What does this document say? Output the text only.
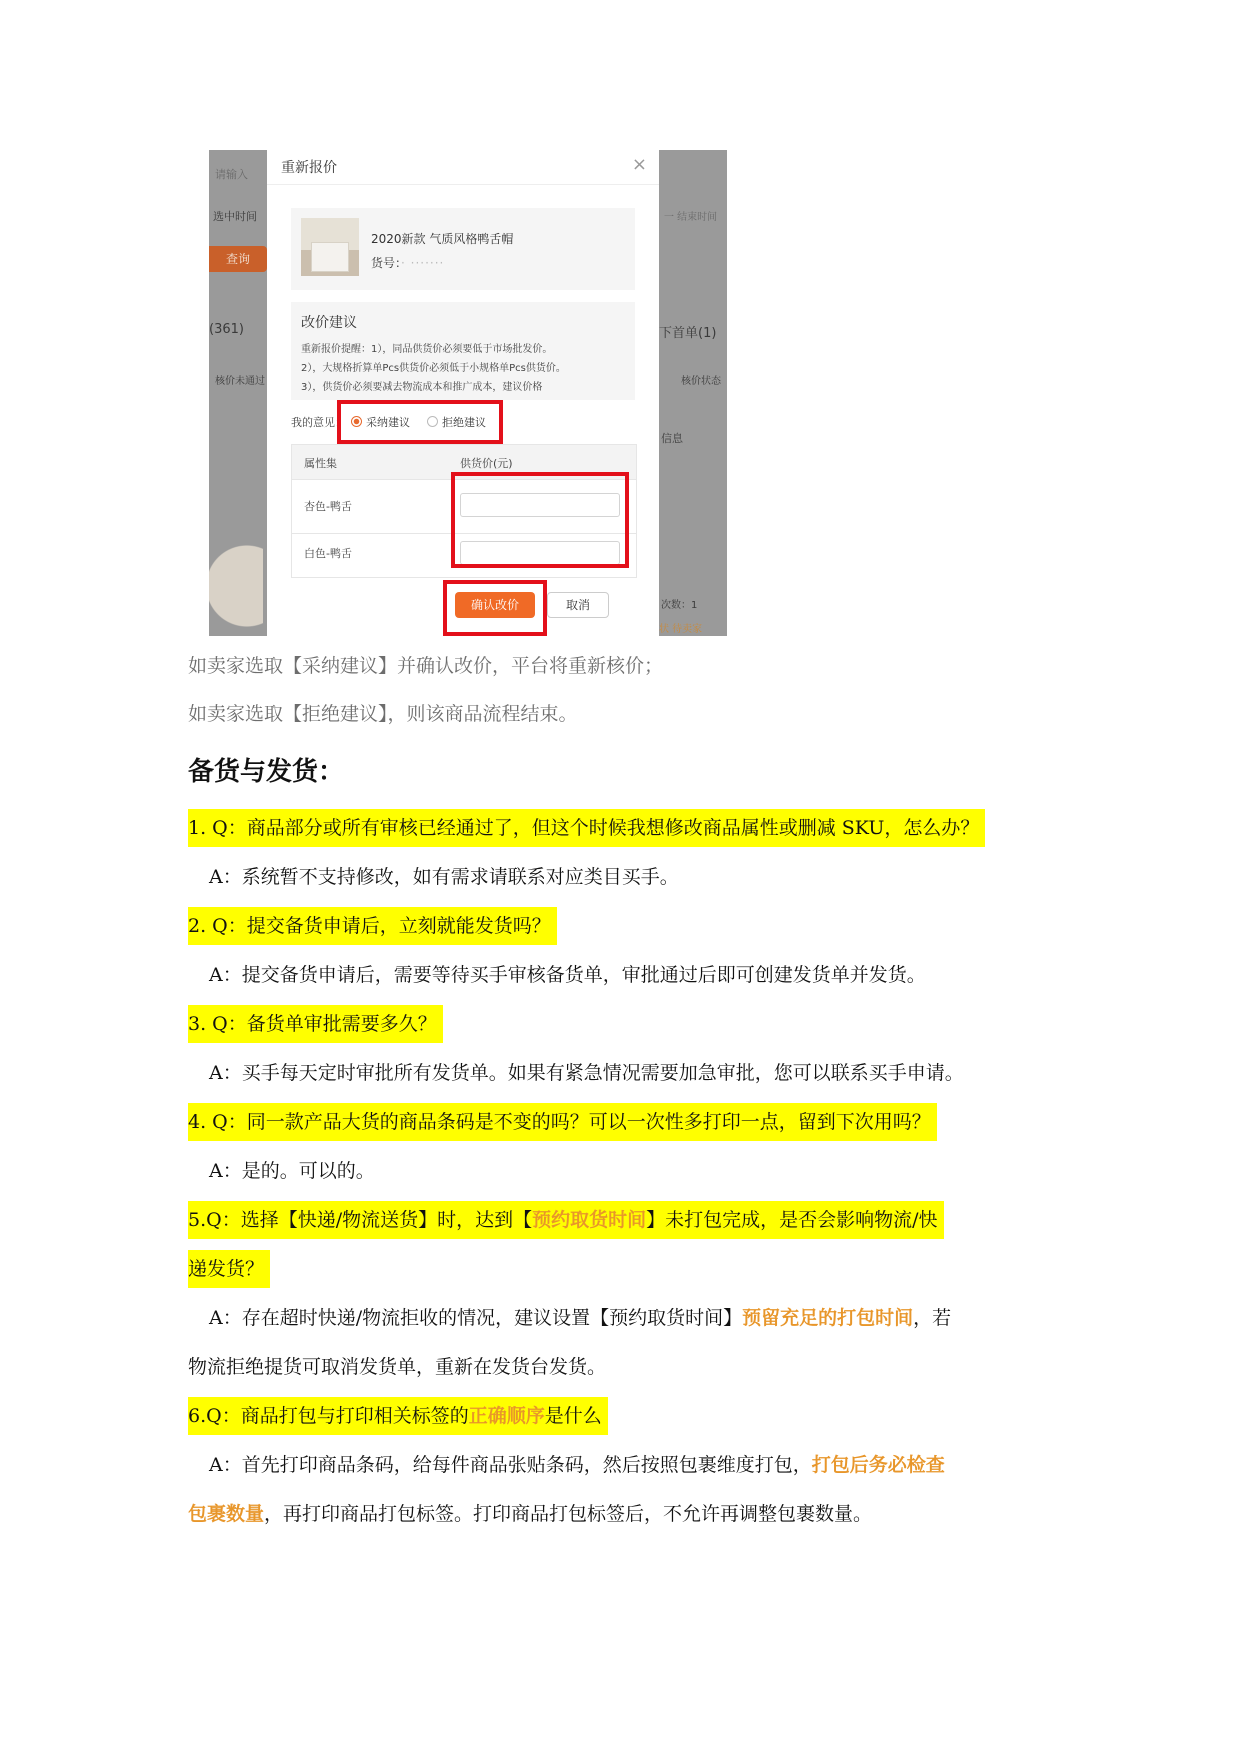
请输入
选中时间
查询
(361)
核价未通过
一 结束时间
下首单(1)
核价状态
信息
次数：1
状 待卖家
重新报价	×
2020新款 气质风格鸭舌帽
货号：· ·······
改价建议
重新报价提醒：1），同品供货价必须要低于市场批发价。
2），大规格折算单Pcs供货价必须低于小规格单Pcs供货价。
3），供货价必须要减去物流成本和推广成本，建议价格
我的意见：	采纳建议	拒绝建议
属性集	供货价(元)
杏色-鸭舌
白色-鸭舌
确认改价	取消
如卖家选取【采纳建议】并确认改价，平台将重新核价；
如卖家选取【拒绝建议】，则该商品流程结束。
备货与发货：
1. Q：商品部分或所有审核已经通过了，但这个时候我想修改商品属性或删减 SKU，怎么办？
A：系统暂不支持修改，如有需求请联系对应类目买手。
2. Q：提交备货申请后，立刻就能发货吗？
A：提交备货申请后，需要等待买手审核备货单，审批通过后即可创建发货单并发货。
3. Q：备货单审批需要多久？
A：买手每天定时审批所有发货单。如果有紧急情况需要加急审批，您可以联系买手申请。
4. Q：同一款产品大货的商品条码是不变的吗？可以一次性多打印一点，留到下次用吗？
A：是的。可以的。
5.Q：选择【快递/物流送货】时，达到【预约取货时间】未打包完成，是否会影响物流/快
递发货？
A：存在超时快递/物流拒收的情况，建议设置【预约取货时间】预留充足的打包时间，若
物流拒绝提货可取消发货单，重新在发货台发货。
6.Q：商品打包与打印相关标签的正确顺序是什么
A：首先打印商品条码，给每件商品张贴条码，然后按照包裹维度打包，打包后务必检查
包裹数量，再打印商品打包标签。打印商品打包标签后，不允许再调整包裹数量。
